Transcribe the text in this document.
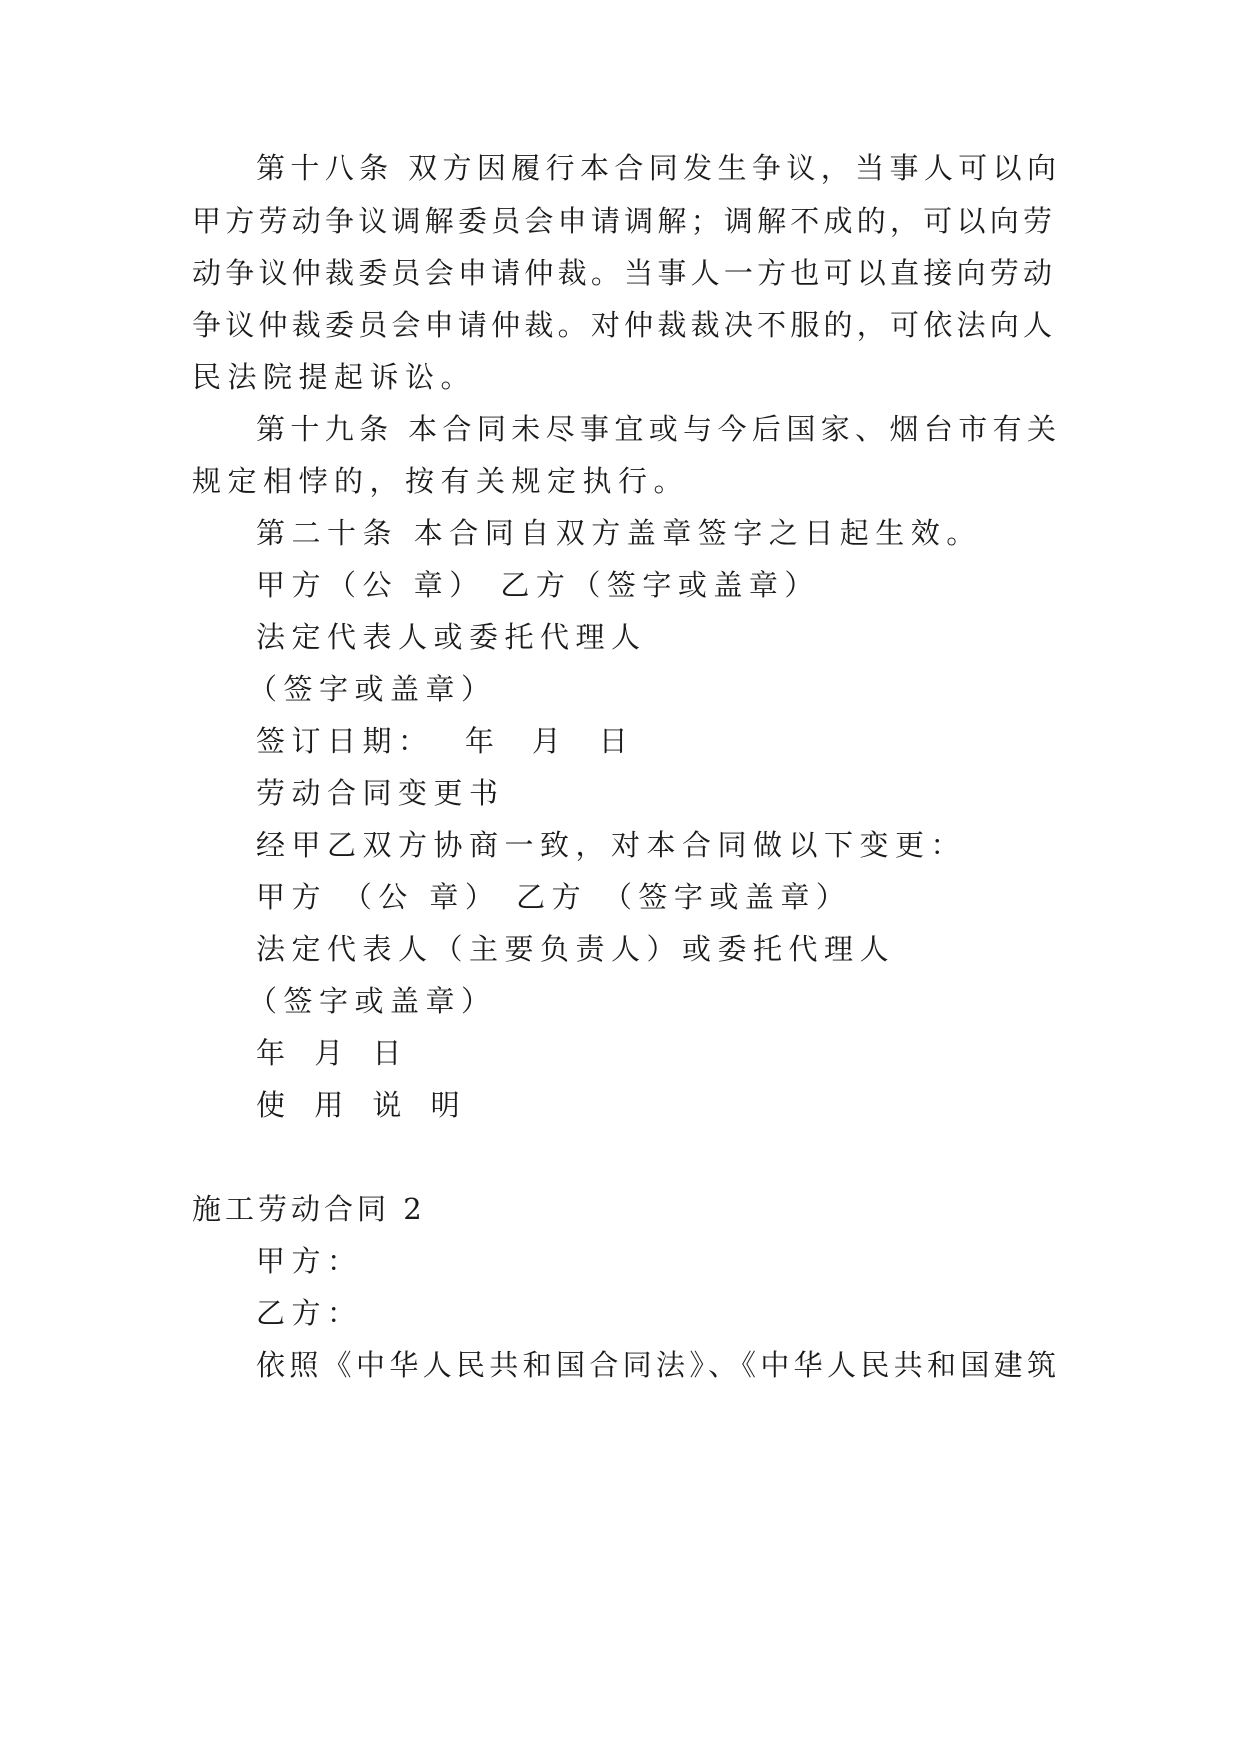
第十八条 双方因履行本合同发生争议，当事人可以向
甲方劳动争议调解委员会申请调解；调解不成的，可以向劳
动争议仲裁委员会申请仲裁。当事人一方也可以直接向劳动
争议仲裁委员会申请仲裁。对仲裁裁决不服的，可依法向人
民法院提起诉讼。
第十九条 本合同未尽事宜或与今后国家、烟台市有关
规定相悖的，按有关规定执行。
第二十条 本合同自双方盖章签字之日起生效。
甲方（公 章） 乙方（签字或盖章）
法定代表人或委托代理人
（签字或盖章）
签订日期：  年  月  日
劳动合同变更书
经甲乙双方协商一致，对本合同做以下变更：
甲方 （公 章） 乙方 （签字或盖章）
法定代表人（主要负责人）或委托代理人
（签字或盖章）
年 月 日
使 用 说 明
施工劳动合同 2
甲方：
乙方：
依照《中华人民共和国合同法》、《中华人民共和国建筑
